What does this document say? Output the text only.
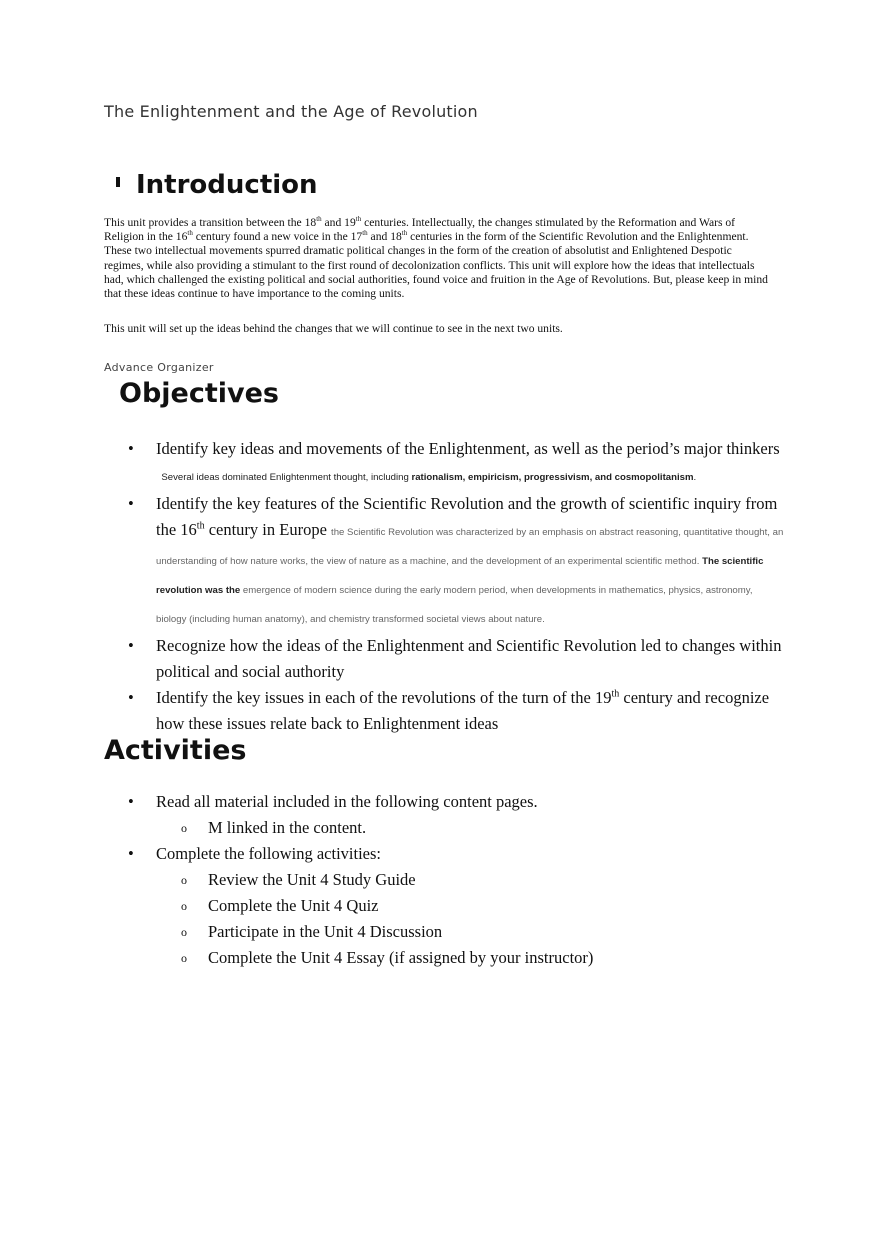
The Enlightenment and the Age of Revolution
Introduction

This unit provides a transition between the 18th and 19th centuries. Intellectually, the changes stimulated by the Reformation and Wars of Religion in the 16th century found a new voice in the 17th and 18th centuries in the form of the Scientific Revolution and the Enlightenment. These two intellectual movements spurred dramatic political changes in the form of the creation of absolutist and Enlightened Despotic regimes, while also providing a stimulant to the first round of decolonization conflicts. This unit will explore how the ideas that intellectuals had, which challenged the existing political and social authorities, found voice and fruition in the Age of Revolutions. But, please keep in mind that these ideas continue to have importance to the coming units.

This unit will set up the ideas behind the changes that we will continue to see in the next two units.

Advance Organizer
Objectives
• Identify key ideas and movements of the Enlightenment, as well as the period’s major thinkers   Several ideas dominated Enlightenment thought, including rationalism, empiricism, progressivism, and cosmopolitanism.
• Identify the key features of the Scientific Revolution and the growth of scientific inquiry from the 16th century in Europe the Scientific Revolution was characterized by an emphasis on abstract reasoning, quantitative thought, an understanding of how nature works, the view of nature as a machine, and the development of an experimental scientific method. The scientific revolution was the emergence of modern science during the early modern period, when developments in mathematics, physics, astronomy, biology (including human anatomy), and chemistry transformed societal views about nature.
• Recognize how the ideas of the Enlightenment and Scientific Revolution led to changes within political and social authority
• Identify the key issues in each of the revolutions of the turn of the 19th century and recognize how these issues relate back to Enlightenment ideas
Activities
• Read all material included in the following content pages.
o M linked in the content.
• Complete the following activities:
o Review the Unit 4 Study Guide
o Complete the Unit 4 Quiz
o Participate in the Unit 4 Discussion
o Complete the Unit 4 Essay (if assigned by your instructor)
